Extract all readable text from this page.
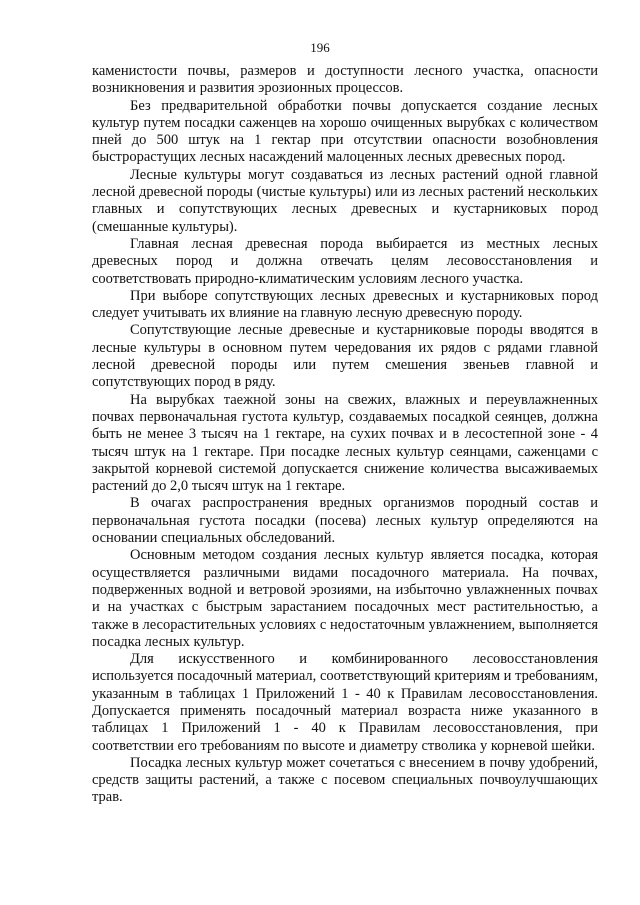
196

каменистости почвы, размеров и доступности лесного участка, опасности возникновения и развития эрозионных процессов.

Без предварительной обработки почвы допускается создание лесных культур путем посадки саженцев на хорошо очищенных вырубках с количеством пней до 500 штук на 1 гектар при отсутствии опасности возобновления быстрорастущих лесных насаждений малоценных лесных древесных пород.

Лесные культуры могут создаваться из лесных растений одной главной лесной древесной породы (чистые культуры) или из лесных растений нескольких главных и сопутствующих лесных древесных и кустарниковых пород (смешанные культуры).

Главная лесная древесная порода выбирается из местных лесных древесных пород и должна отвечать целям лесовосстановления и соответствовать природно-климатическим условиям лесного участка.

При выборе сопутствующих лесных древесных и кустарниковых пород следует учитывать их влияние на главную лесную древесную породу.

Сопутствующие лесные древесные и кустарниковые породы вводятся в лесные культуры в основном путем чередования их рядов с рядами главной лесной древесной породы или путем смешения звеньев главной и сопутствующих пород в ряду.

На вырубках таежной зоны на свежих, влажных и переувлажненных почвах первоначальная густота культур, создаваемых посадкой сеянцев, должна быть не менее 3 тысяч на 1 гектаре, на сухих почвах и в лесостепной зоне - 4 тысяч штук на 1 гектаре. При посадке лесных культур сеянцами, саженцами с закрытой корневой системой допускается снижение количества высаживаемых растений до 2,0 тысяч штук на 1 гектаре.

В очагах распространения вредных организмов породный состав и первоначальная густота посадки (посева) лесных культур определяются на основании специальных обследований.

Основным методом создания лесных культур является посадка, которая осуществляется различными видами посадочного материала. На почвах, подверженных водной и ветровой эрозиями, на избыточно увлажненных почвах и на участках с быстрым зарастанием посадочных мест растительностью, а также в лесорастительных условиях с недостаточным увлажнением, выполняется посадка лесных культур.

Для искусственного и комбинированного лесовосстановления используется посадочный материал, соответствующий критериям и требованиям, указанным в таблицах 1 Приложений 1 - 40 к Правилам лесовосстановления. Допускается применять посадочный материал возраста ниже указанного в таблицах 1 Приложений 1 - 40 к Правилам лесовосстановления, при соответствии его требованиям по высоте и диаметру стволика у корневой шейки.

Посадка лесных культур может сочетаться с внесением в почву удобрений, средств защиты растений, а также с посевом специальных почвоулучшающих трав.
